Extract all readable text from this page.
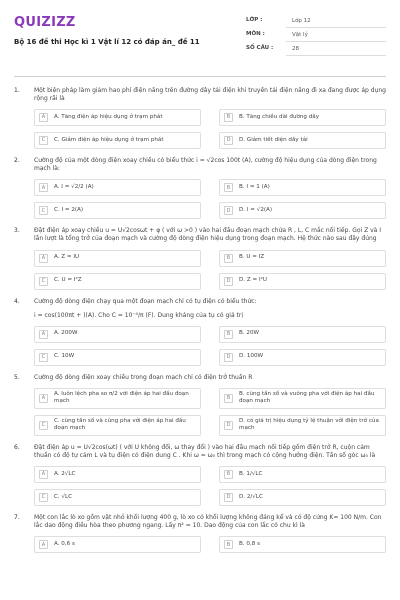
QUIZIZZ
Bộ 16 đề thi Học kì 1 Vật lí 12 có đáp án_ đề 11
LỚP :	Lớp 12
MÔN :	Vật lý
SỐ CÂU :	28
1.	Một biện pháp làm giảm hao phí điện năng trên đường dây tải điện khi truyền tải điện năng đi xa đang được áp dụng rộng rãi là
A	A. Tăng điện áp hiệu dụng ở trạm phát	B	B. Tăng chiều dài đường dây
C	C. Giảm điện áp hiệu dụng ở trạm phát	D	D. Giảm tiết diện dây tải
2.	Cường độ của một dòng điện xoay chiều có biểu thức i = √2cos 100t (A), cường độ hiệu dụng của dòng điện trong mạch là:
A	A. I = √2/2 (A)	B	B. I = 1 (A)
C	C. I = 2(A)	D	D. I = √2(A)
3.	Đặt điện áp xoay chiều u = U√2cosωt + φ ( với ω >0 ) vào hai đầu đoạn mạch chứa R , L, C mắc nối tiếp. Gọi Z và I lần lượt là tổng trở của đoạn mạch và cường độ dòng điện hiệu dụng trong đoạn mạch. Hệ thức nào sau đây đúng
A	A. Z = IU	B	B. U = IZ
C	C. U = I²Z	D	D. Z = I²U
4.	Cường độ dòng điện chạy qua một đoạn mạch chỉ có tụ điện có biểu thức:
i = cos(100πt + )(A). Cho C = 10⁻⁴/π (F). Dung kháng của tụ có giá trị
A	A. 200W	B	B. 20W
C	C. 10W	D	D. 100W
5.	Cường độ dòng điện xoay chiều trong đoạn mạch chỉ có điện trở thuần R
A
A. luôn lệch pha so π/2 với điện áp hai đầu đoạn mạch
B
B. cùng tần số và vuông pha với điện áp hai đầu đoạn mạch
C
C. cùng tần số và cùng pha với điện áp hai đầu đoạn mạch
D
D. có giá trị hiệu dụng tỷ lệ thuận với điện trở của mạch
6.	Đặt điện áp u = U√2cos(ωt) ( với U không đổi, ω thay đổi ) vào hai đầu mạch nối tiếp gồm điện trở R, cuộn cảm thuần có độ tự cảm L và tụ điện có điện dung C . Khi ω = ω₀ thì trong mạch có cộng hưởng điện. Tần số góc ω₀ là
A	A. 2√LC	B	B. 1/√LC
C	C. √LC	D	D. 2/√LC
7.	Một con lắc lò xo gồm vật nhỏ khối lượng 400 g, lò xo có khối lượng không đáng kể và có độ cứng K= 100 N/m. Con lắc dao động điều hòa theo phương ngang. Lấy π² = 10. Dao động của con lắc có chu kì là
A	A. 0,6 s	B	B. 0,8 s
